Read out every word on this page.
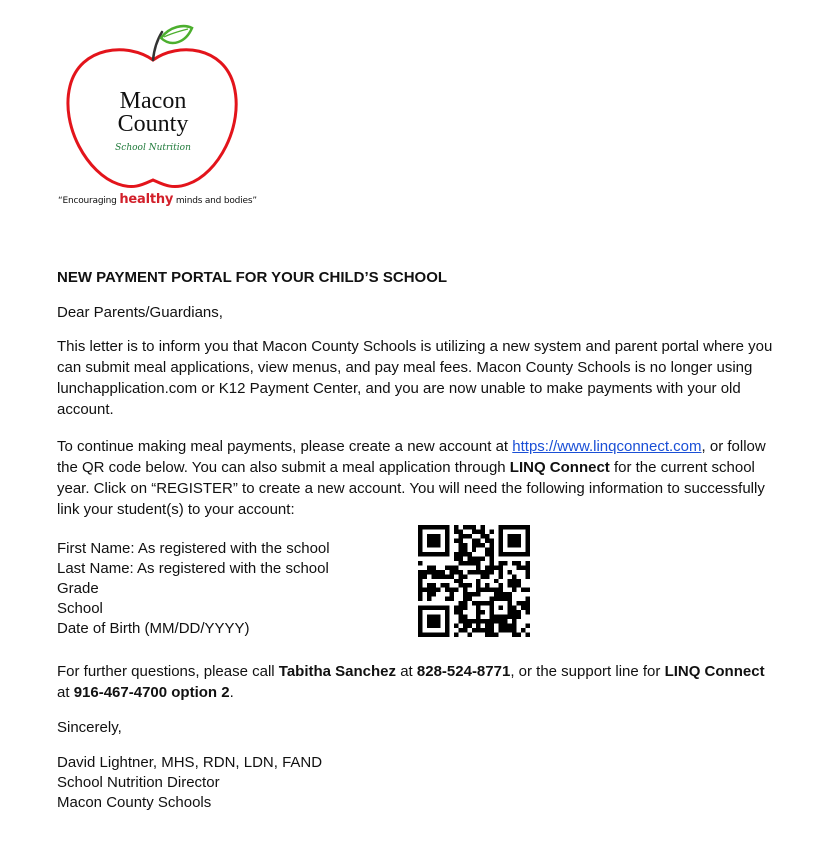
Macon
County
School Nutrition
“Encouraging healthy minds and bodies”
NEW PAYMENT PORTAL FOR YOUR CHILD’S SCHOOL
Dear Parents/Guardians,
This letter is to inform you that Macon County Schools is utilizing a new system and parent portal where you can submit meal applications, view menus, and pay meal fees. Macon County Schools is no longer using lunchapplication.com or K12 Payment Center, and you are now unable to make payments with your old account.
To continue making meal payments, please create a new account at https://www.linqconnect.com, or follow the QR code below. You can also submit a meal application through LINQ Connect for the current school year. Click on “REGISTER” to create a new account. You will need the following information to successfully link your student(s) to your account:
First Name: As registered with the school
Last Name: As registered with the school
Grade
School
Date of Birth (MM/DD/YYYY)
For further questions, please call Tabitha Sanchez at 828-524-8771, or the support line for LINQ Connect at 916-467-4700 option 2.
Sincerely,
David Lightner, MHS, RDN, LDN, FAND
School Nutrition Director
Macon County Schools
